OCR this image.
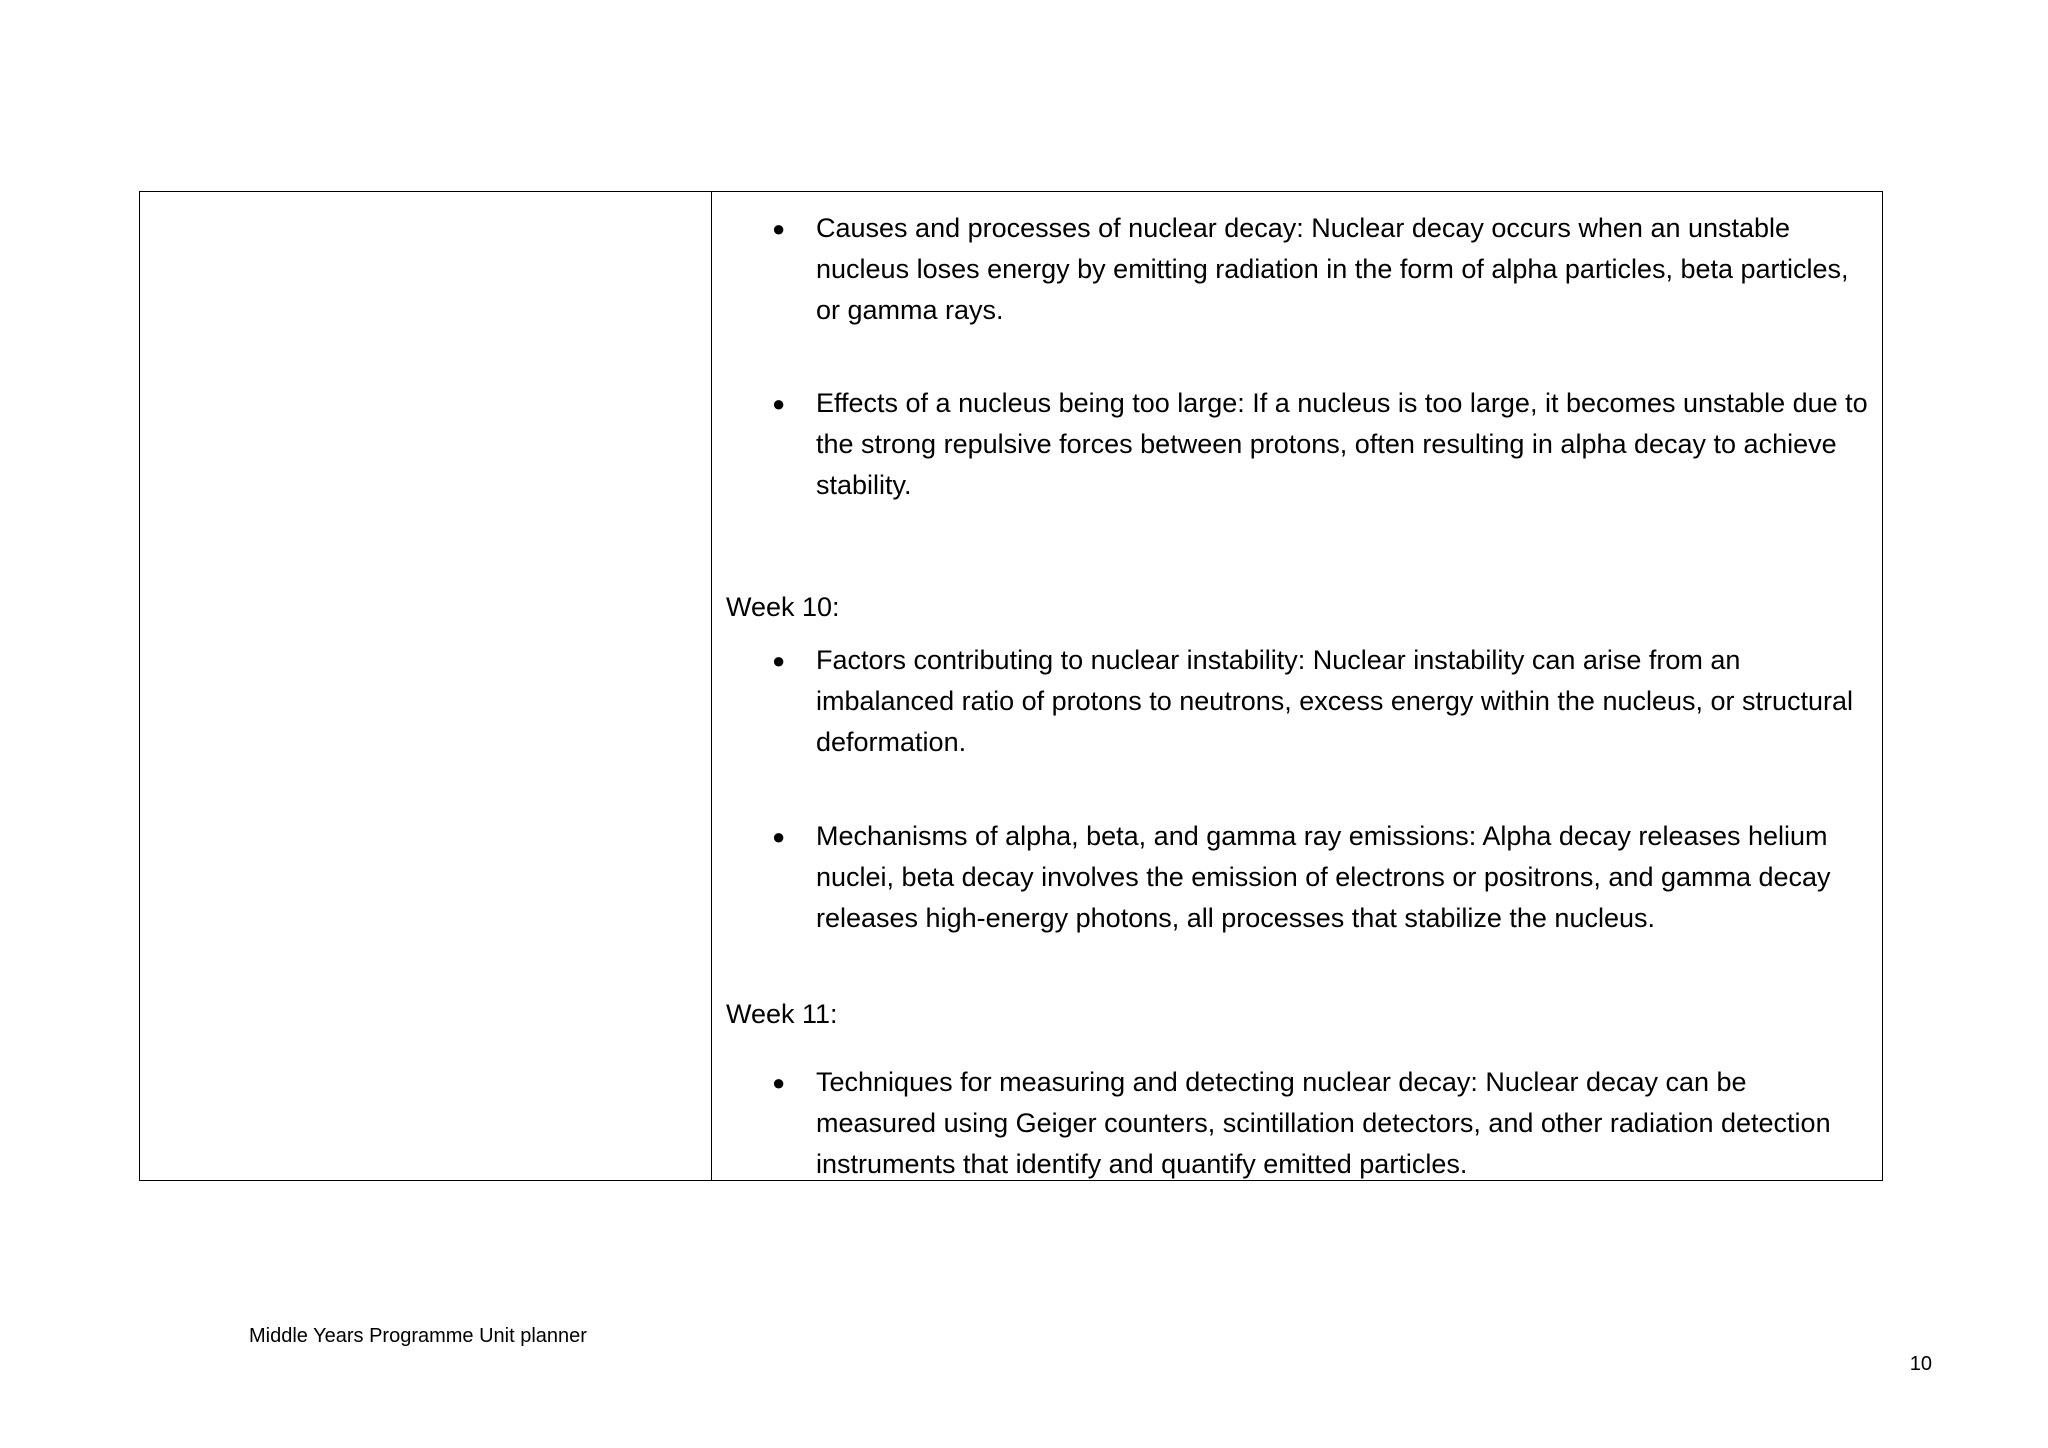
●	Causes and processes of nuclear decay: Nuclear decay occurs when an unstable nucleus loses energy by emitting radiation in the form of alpha particles, beta particles, or gamma rays.
●	Effects of a nucleus being too large: If a nucleus is too large, it becomes unstable due to the strong repulsive forces between protons, often resulting in alpha decay to achieve stability.
Week 10:
●	Factors contributing to nuclear instability: Nuclear instability can arise from an imbalanced ratio of protons to neutrons, excess energy within the nucleus, or structural deformation.
●	Mechanisms of alpha, beta, and gamma ray emissions: Alpha decay releases helium nuclei, beta decay involves the emission of electrons or positrons, and gamma decay releases high-energy photons, all processes that stabilize the nucleus.
Week 11:
●	Techniques for measuring and detecting nuclear decay: Nuclear decay can be measured using Geiger counters, scintillation detectors, and other radiation detection instruments that identify and quantify emitted particles.
Middle Years Programme Unit planner
10
